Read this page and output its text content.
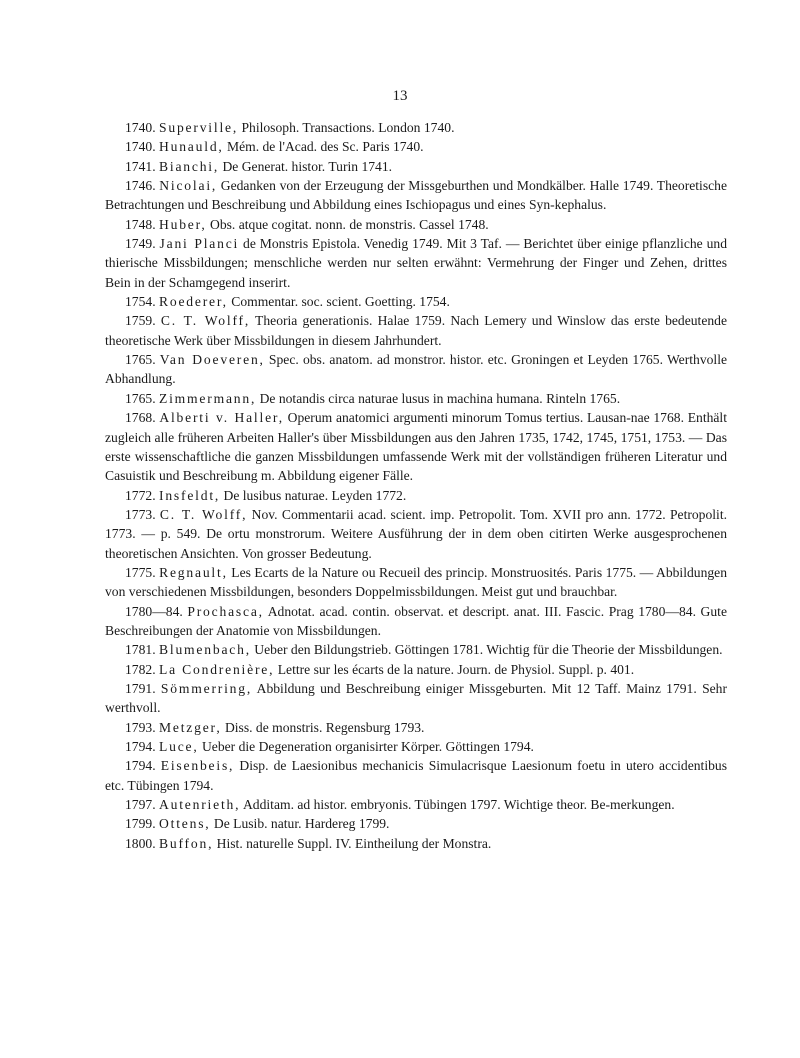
13

1740. Superville, Philosoph. Transactions. London 1740.

1740. Hunauld, Mém. de l'Acad. des Sc. Paris 1740.

1741. Bianchi, De Generat. histor. Turin 1741.

1746. Nicolai, Gedanken von der Erzeugung der Missgeburthen und Mondkälber. Halle 1749. Theoretische Betrachtungen und Beschreibung und Abbildung eines Ischiopagus und eines Syn-kephalus.

1748. Huber, Obs. atque cogitat. nonn. de monstris. Cassel 1748.

1749. Jani Planci de Monstris Epistola. Venedig 1749. Mit 3 Taf. — Berichtet über einige pflanzliche und thierische Missbildungen; menschliche werden nur selten erwähnt: Vermehrung der Finger und Zehen, drittes Bein in der Schamgegend inserirt.

1754. Roederer, Commentar. soc. scient. Goetting. 1754.

1759. C. T. Wolff, Theoria generationis. Halae 1759. Nach Lemery und Winslow das erste bedeutende theoretische Werk über Missbildungen in diesem Jahrhundert.

1765. Van Doeveren, Spec. obs. anatom. ad monstror. histor. etc. Groningen et Leyden 1765. Werthvolle Abhandlung.

1765. Zimmermann, De notandis circa naturae lusus in machina humana. Rinteln 1765.

1768. Alberti v. Haller, Operum anatomici argumenti minorum Tomus tertius. Lausan-nae 1768. Enthält zugleich alle früheren Arbeiten Haller's über Missbildungen aus den Jahren 1735, 1742, 1745, 1751, 1753. — Das erste wissenschaftliche die ganzen Missbildungen umfassende Werk mit der vollständigen früheren Literatur und Casuistik und Beschreibung m. Abbildung eigener Fälle.

1772. Insfeldt, De lusibus naturae. Leyden 1772.

1773. C. T. Wolff, Nov. Commentarii acad. scient. imp. Petropolit. Tom. XVII pro ann. 1772. Petropolit. 1773. — p. 549. De ortu monstrorum. Weitere Ausführung der in dem oben citirten Werke ausgesprochenen theoretischen Ansichten. Von grosser Bedeutung.

1775. Regnault, Les Ecarts de la Nature ou Recueil des princip. Monstruosités. Paris 1775. — Abbildungen von verschiedenen Missbildungen, besonders Doppelmissbildungen. Meist gut und brauchbar.

1780—84. Prochasca, Adnotat. acad. contin. observat. et descript. anat. III. Fascic. Prag 1780—84. Gute Beschreibungen der Anatomie von Missbildungen.

1781. Blumenbach, Ueber den Bildungstrieb. Göttingen 1781. Wichtig für die Theorie der Missbildungen.

1782. La Condrenière, Lettre sur les écarts de la nature. Journ. de Physiol. Suppl. p. 401.

1791. Sömmerring, Abbildung und Beschreibung einiger Missgeburten. Mit 12 Taff. Mainz 1791. Sehr werthvoll.

1793. Metzger, Diss. de monstris. Regensburg 1793.

1794. Luce, Ueber die Degeneration organisirter Körper. Göttingen 1794.

1794. Eisenbeis, Disp. de Laesionibus mechanicis Simulacrisque Laesionum foetu in utero accidentibus etc. Tübingen 1794.

1797. Autenrieth, Additam. ad histor. embryonis. Tübingen 1797. Wichtige theor. Be-merkungen.

1799. Ottens, De Lusib. natur. Hardereg 1799.

1800. Buffon, Hist. naturelle Suppl. IV. Eintheilung der Monstra.
